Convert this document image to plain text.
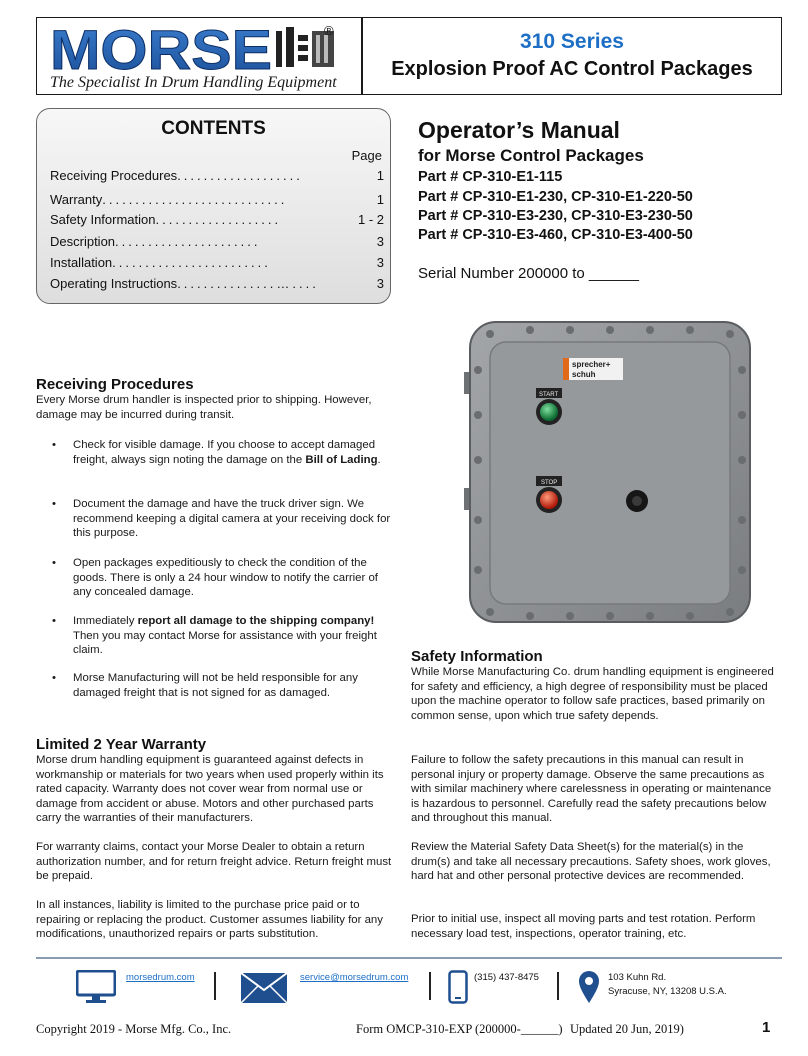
MORSE	®
The Specialist In Drum Handling Equipment
310 Series
Explosion Proof AC Control Packages
CONTENTS
Page
Receiving Procedures ...................	1
Warranty ............................	1
Safety Information ...................	1 - 2
Description ......................	3
Installation ........................	3
Operating Instructions ...............…....	3
Operator’s Manual
for Morse Control Packages
Part # CP-310-E1-115
Part # CP-310-E1-230, CP-310-E1-220-50
Part # CP-310-E3-230, CP-310-E3-230-50
Part # CP-310-E3-460, CP-310-E3-400-50
Serial Number 200000 to ______
sprecher+
schuh
START
STOP
Receiving Procedures
Every Morse drum handler is inspected prior to shipping. However, damage may be incurred during transit.
• Check for visible damage. If you choose to accept damaged freight, always sign noting the damage on the Bill of Lading.
• Document the damage and have the truck driver sign. We recommend keeping a digital camera at your receiving dock for this purpose.
• Open packages expeditiously to check the condition of the goods. There is only a 24 hour window to notify the carrier of any concealed damage.
• Immediately report all damage to the shipping company! Then you may contact Morse for assistance with your freight claim.
• Morse Manufacturing will not be held responsible for any damaged freight that is not signed for as damaged.
Limited 2 Year Warranty
Morse drum handling equipment is guaranteed against defects in workmanship or materials for two years when used properly within its rated capacity. Warranty does not cover wear from normal use or damage from accident or abuse. Motors and other purchased parts carry the warranties of their manufacturers.
For warranty claims, contact your Morse Dealer to obtain a return authorization number, and for return freight advice. Return freight must be prepaid.
In all instances, liability is limited to the purchase price paid or to repairing or replacing the product. Customer assumes liability for any modifications, unauthorized repairs or parts substitution.
Safety Information
While Morse Manufacturing Co. drum handling equipment is engineered for safety and efficiency, a high degree of responsibility must be placed upon the machine operator to follow safe practices, based primarily on common sense, upon which true safety depends.
Failure to follow the safety precautions in this manual can result in personal injury or property damage. Observe the same precautions as with similar machinery where carelessness in operating or maintenance is hazardous to personnel. Carefully read the safety precautions below and throughout this manual.
Review the Material Safety Data Sheet(s) for the material(s) in the drum(s) and take all necessary precautions. Safety shoes, work gloves, hard hat and other personal protective devices are recommended.
Prior to initial use, inspect all moving parts and test rotation. Perform necessary load test, inspections, operator training, etc.
morsedrum.com	service@morsedrum.com	(315) 437-8475	103 Kuhn Rd.
Syracuse, NY, 13208 U.S.A.
Copyright 2019 - Morse Mfg. Co., Inc.	Form OMCP-310-EXP (200000-______) Updated 20 Jun, 2019)	1
